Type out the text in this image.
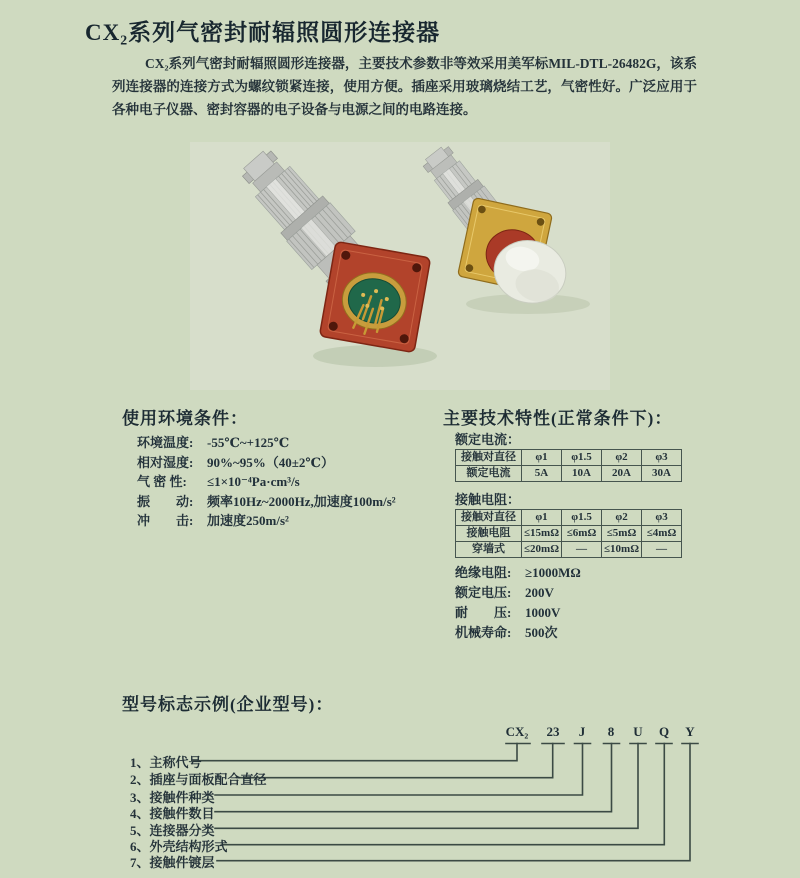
CX₂系列气密封耐辐照圆形连接器
CX₂系列气密封耐辐照圆形连接器，主要技术参数非等效采用美军标MIL-DTL-26482G，该系列连接器的连接方式为螺纹锁紧连接，使用方便。插座采用玻璃烧结工艺，气密性好。广泛应用于各种电子仪器、密封容器的电子设备与电源之间的电路连接。
使用环境条件：
环境温度: -55℃~+125℃
相对湿度: 90%~95%（40±2℃）
气 密 性: ≤1×10⁻⁴Pa·cm³/s
振　　动: 频率10Hz~2000Hz,加速度100m/s²
冲　　击: 加速度250m/s²
主要技术特性(正常条件下)：
额定电流：
接触对直径	φ1	φ1.5	φ2	φ3
额定电流	5A	10A	20A	30A
接触电阻：
接触对直径	φ1	φ1.5	φ2	φ3
接触电阻	≤15mΩ	≤6mΩ	≤5mΩ	≤4mΩ
穿墙式	≤20mΩ	—	≤10mΩ	—
绝缘电阻: ≥1000MΩ
额定电压: 200V
耐　　压: 1000V
机械寿命: 500次
型号标志示例(企业型号)：
CX₂ 23 J 8 U Q Y
1、主称代号
2、插座与面板配合直径
3、接触件种类
4、接触件数目
5、连接器分类
6、外壳结构形式
7、接触件镀层
